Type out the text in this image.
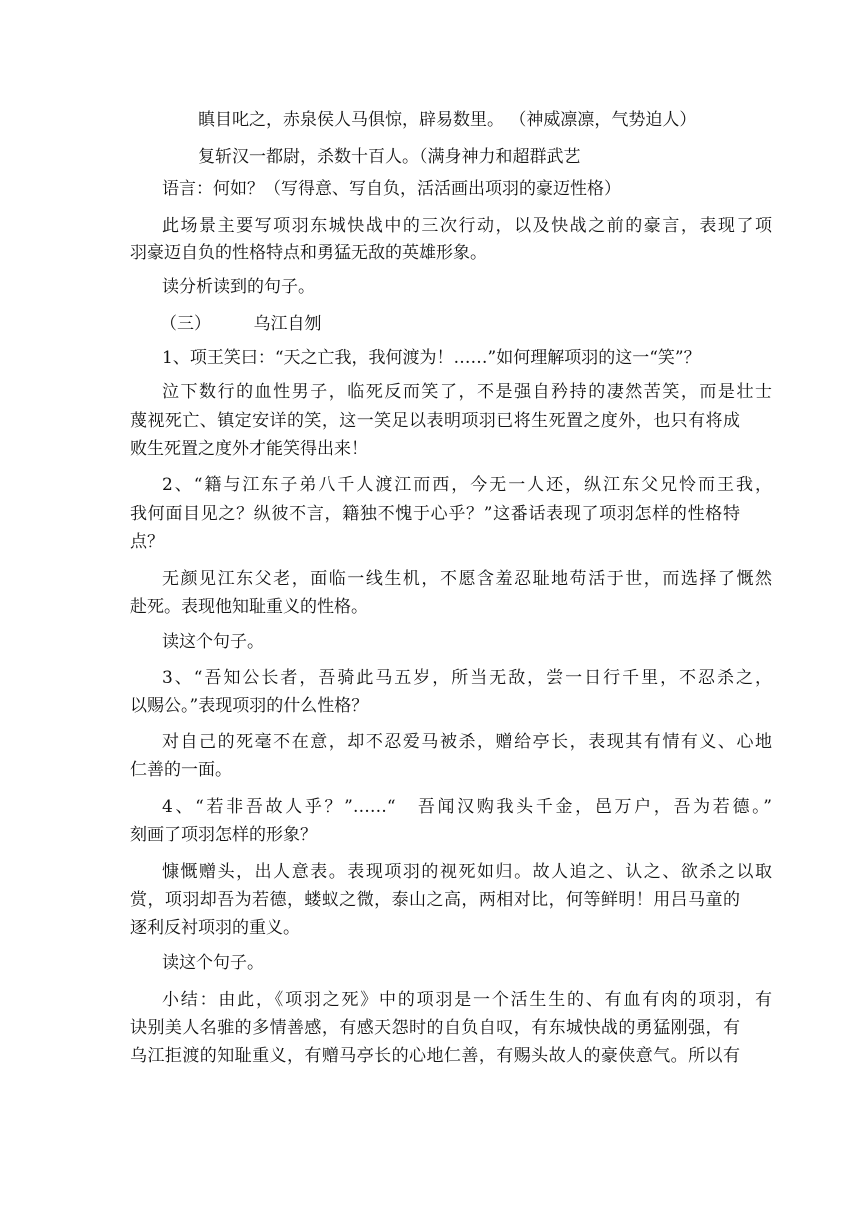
瞋目叱之，赤泉侯人马俱惊，辟易数里。 （神威凛凛，气势迫人）
复斩汉一都尉，杀数十百人。（满身神力和超群武艺
语言：何如？（写得意、写自负，活活画出项羽的豪迈性格）
此场景主要写项羽东城快战中的三次行动，以及快战之前的豪言，表现了项
羽豪迈自负的性格特点和勇猛无敌的英雄形象。
读分析读到的句子。
（三）　　　乌江自刎
1、项王笑曰：“天之亡我，我何渡为！……”如何理解项羽的这一“笑”？
泣下数行的血性男子，临死反而笑了，不是强自矜持的凄然苦笑，而是壮士
蔑视死亡、镇定安详的笑，这一笑足以表明项羽已将生死置之度外，也只有将成
败生死置之度外才能笑得出来！
2、“籍与江东子弟八千人渡江而西，今无一人还，纵江东父兄怜而王我，
我何面目见之？纵彼不言，籍独不愧于心乎？”这番话表现了项羽怎样的性格特
点？
无颜见江东父老，面临一线生机，不愿含羞忍耻地苟活于世，而选择了慨然
赴死。表现他知耻重义的性格。
读这个句子。
3、“吾知公长者，吾骑此马五岁，所当无敌，尝一日行千里，不忍杀之，
以赐公。”表现项羽的什么性格？
对自己的死毫不在意，却不忍爱马被杀，赠给亭长，表现其有情有义、心地
仁善的一面。
4、“若非吾故人乎？”……“　吾闻汉购我头千金，邑万户，吾为若德。”
刻画了项羽怎样的形象？
慷慨赠头，出人意表。表现项羽的视死如归。故人追之、认之、欲杀之以取
赏，项羽却吾为若德，蝼蚁之微，泰山之高，两相对比，何等鲜明！用吕马童的
逐利反衬项羽的重义。
读这个句子。
小结：由此，《项羽之死》中的项羽是一个活生生的、有血有肉的项羽，有
诀别美人名骓的多情善感，有感天怨时的自负自叹，有东城快战的勇猛刚强，有
乌江拒渡的知耻重义，有赠马亭长的心地仁善，有赐头故人的豪侠意气。所以有
